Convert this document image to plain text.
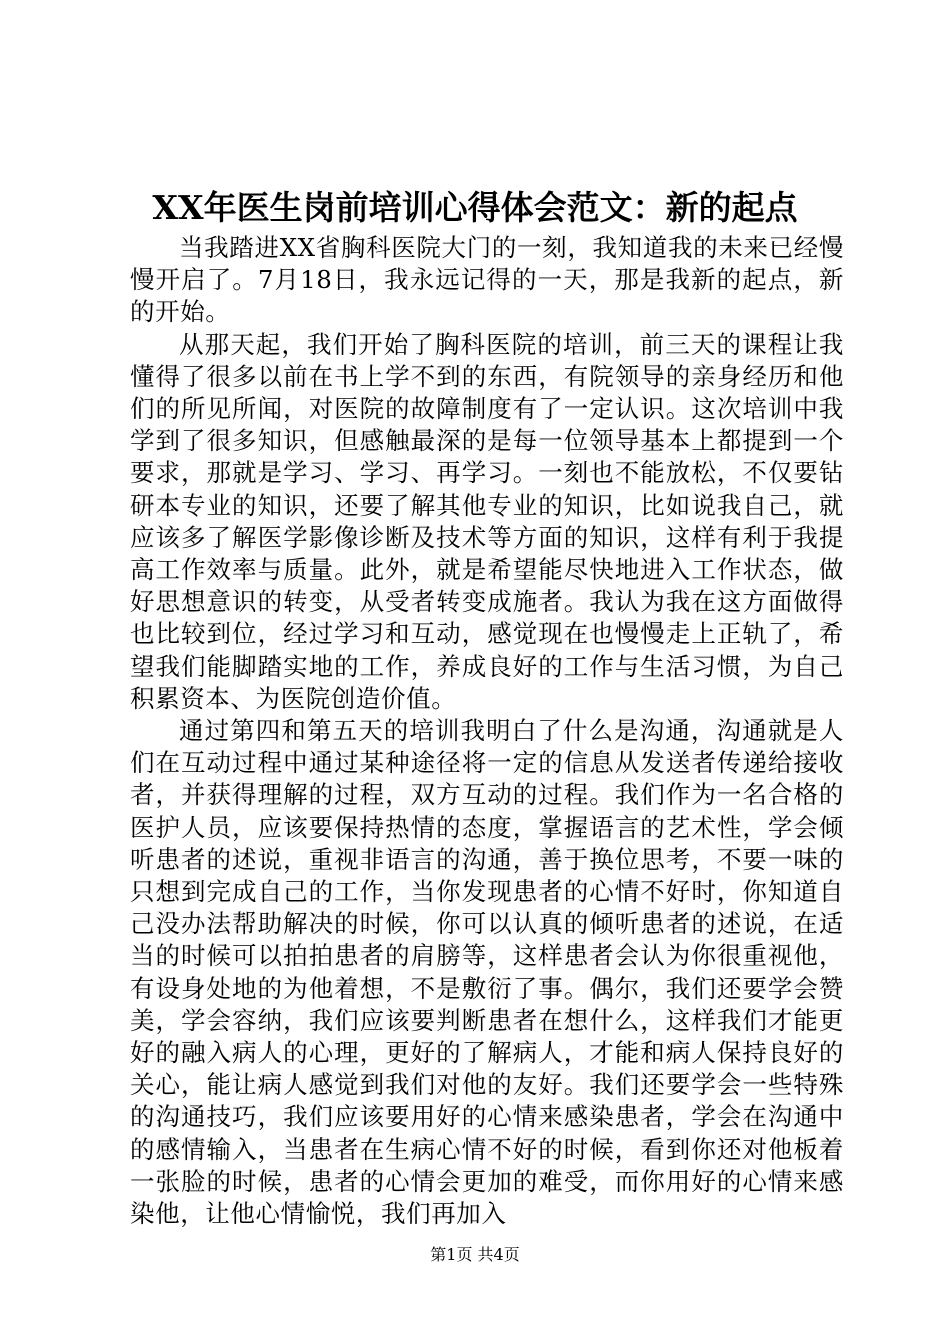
XX年医生岗前培训心得体会范文：新的起点

当我踏进XX省胸科医院大门的一刻，我知道我的未来已经慢慢开启了。7月18日，我永远记得的一天，那是我新的起点，新的开始。

从那天起，我们开始了胸科医院的培训，前三天的课程让我懂得了很多以前在书上学不到的东西，有院领导的亲身经历和他们的所见所闻，对医院的故障制度有了一定认识。这次培训中我学到了很多知识，但感触最深的是每一位领导基本上都提到一个要求，那就是学习、学习、再学习。一刻也不能放松，不仅要钻研本专业的知识，还要了解其他专业的知识，比如说我自己，就应该多了解医学影像诊断及技术等方面的知识，这样有利于我提高工作效率与质量。此外，就是希望能尽快地进入工作状态，做好思想意识的转变，从受者转变成施者。我认为我在这方面做得也比较到位，经过学习和互动，感觉现在也慢慢走上正轨了，希望我们能脚踏实地的工作，养成良好的工作与生活习惯，为自己积累资本、为医院创造价值。

通过第四和第五天的培训我明白了什么是沟通，沟通就是人们在互动过程中通过某种途径将一定的信息从发送者传递给接收者，并获得理解的过程，双方互动的过程。我们作为一名合格的医护人员，应该要保持热情的态度，掌握语言的艺术性，学会倾听患者的述说，重视非语言的沟通，善于换位思考，不要一味的只想到完成自己的工作，当你发现患者的心情不好时，你知道自己没办法帮助解决的时候，你可以认真的倾听患者的述说，在适当的时候可以拍拍患者的肩膀等，这样患者会认为你很重视他，有设身处地的为他着想，不是敷衍了事。偶尔，我们还要学会赞美，学会容纳，我们应该要判断患者在想什么，这样我们才能更好的融入病人的心理，更好的了解病人，才能和病人保持良好的关心，能让病人感觉到我们对他的友好。我们还要学会一些特殊的沟通技巧，我们应该要用好的心情来感染患者，学会在沟通中的感情输入，当患者在生病心情不好的时候，看到你还对他板着一张脸的时候，患者的心情会更加的难受，而你用好的心情来感染他，让他心情愉悦，我们再加入

第1页 共4页
